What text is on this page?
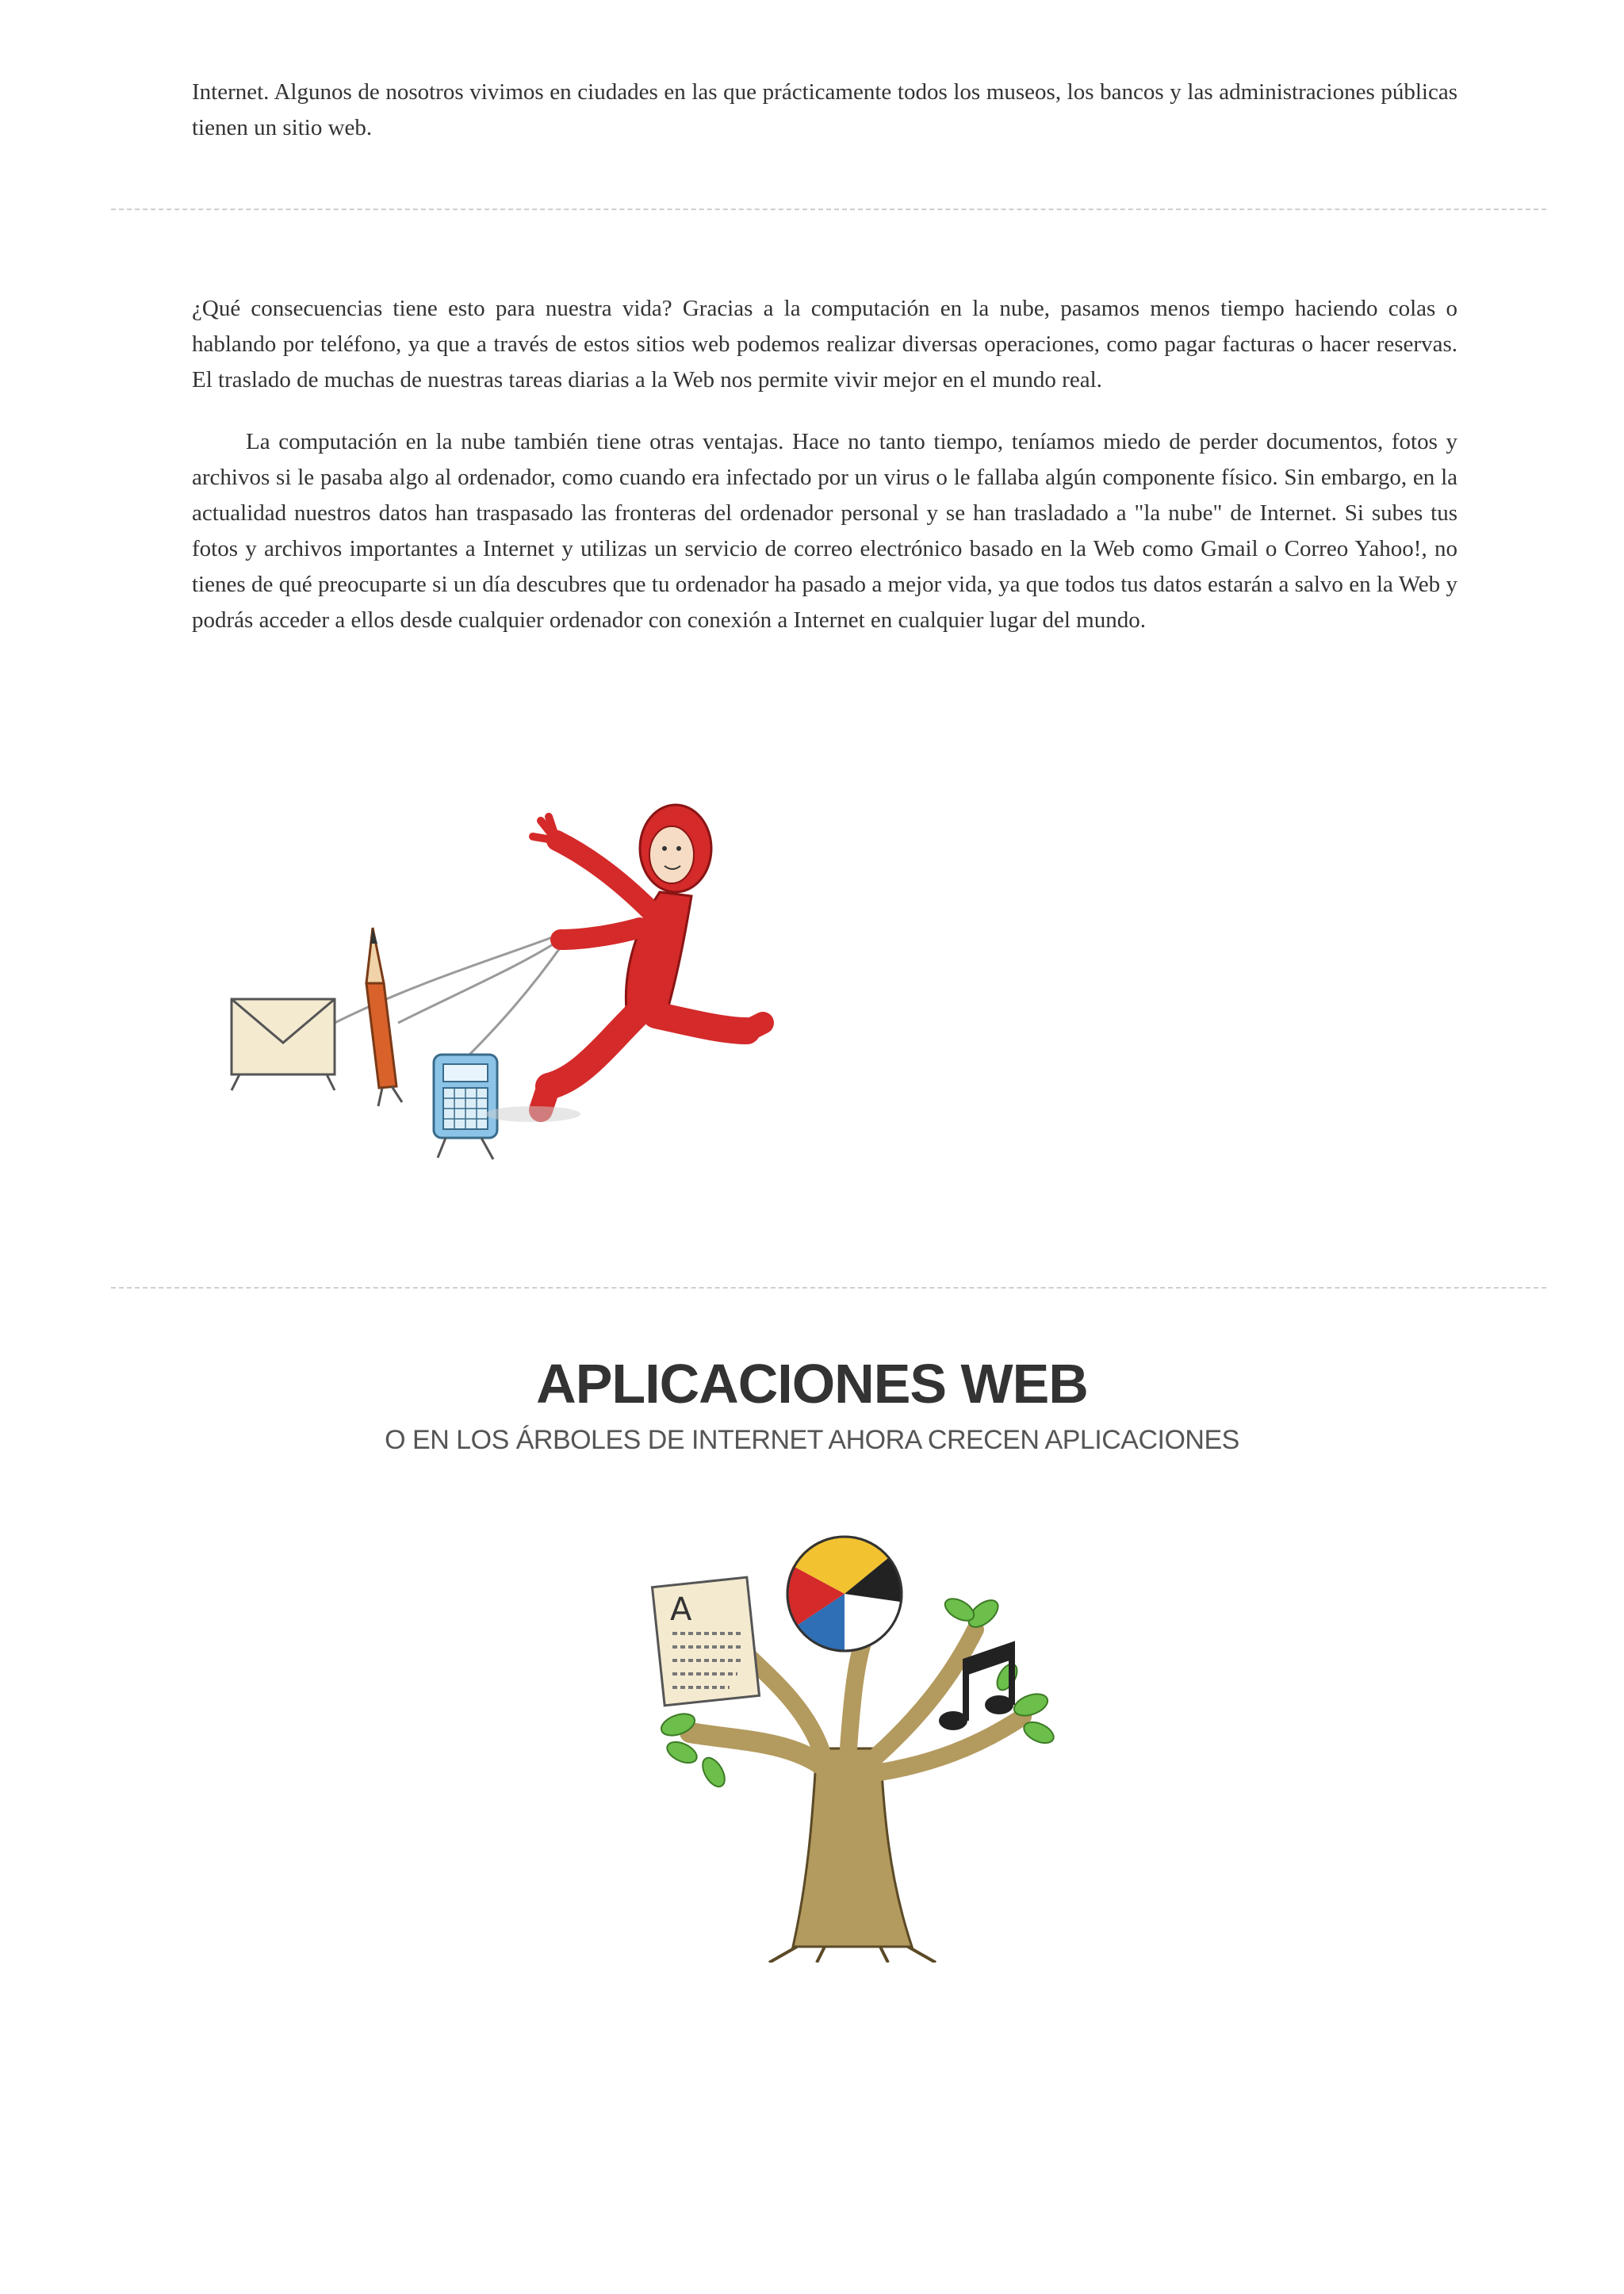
Internet. Algunos de nosotros vivimos en ciudades en las que prácticamente todos los museos, los bancos y las administraciones públicas tienen un sitio web.

¿Qué consecuencias tiene esto para nuestra vida? Gracias a la computación en la nube, pasamos menos tiempo haciendo colas o hablando por teléfono, ya que a través de estos sitios web podemos realizar diversas operaciones, como pagar facturas o hacer reservas. El traslado de muchas de nuestras tareas diarias a la Web nos permite vivir mejor en el mundo real.

La computación en la nube también tiene otras ventajas. Hace no tanto tiempo, teníamos miedo de perder documentos, fotos y archivos si le pasaba algo al ordenador, como cuando era infectado por un virus o le fallaba algún componente físico. Sin embargo, en la actualidad nuestros datos han traspasado las fronteras del ordenador personal y se han trasladado a "la nube" de Internet. Si subes tus fotos y archivos importantes a Internet y utilizas un servicio de correo electrónico basado en la Web como Gmail o Correo Yahoo!, no tienes de qué preocuparte si un día descubres que tu ordenador ha pasado a mejor vida, ya que todos tus datos estarán a salvo en la Web y podrás acceder a ellos desde cualquier ordenador con conexión a Internet en cualquier lugar del mundo.

APLICACIONES WEB
O EN LOS ÁRBOLES DE INTERNET AHORA CRECEN APLICACIONES
A
